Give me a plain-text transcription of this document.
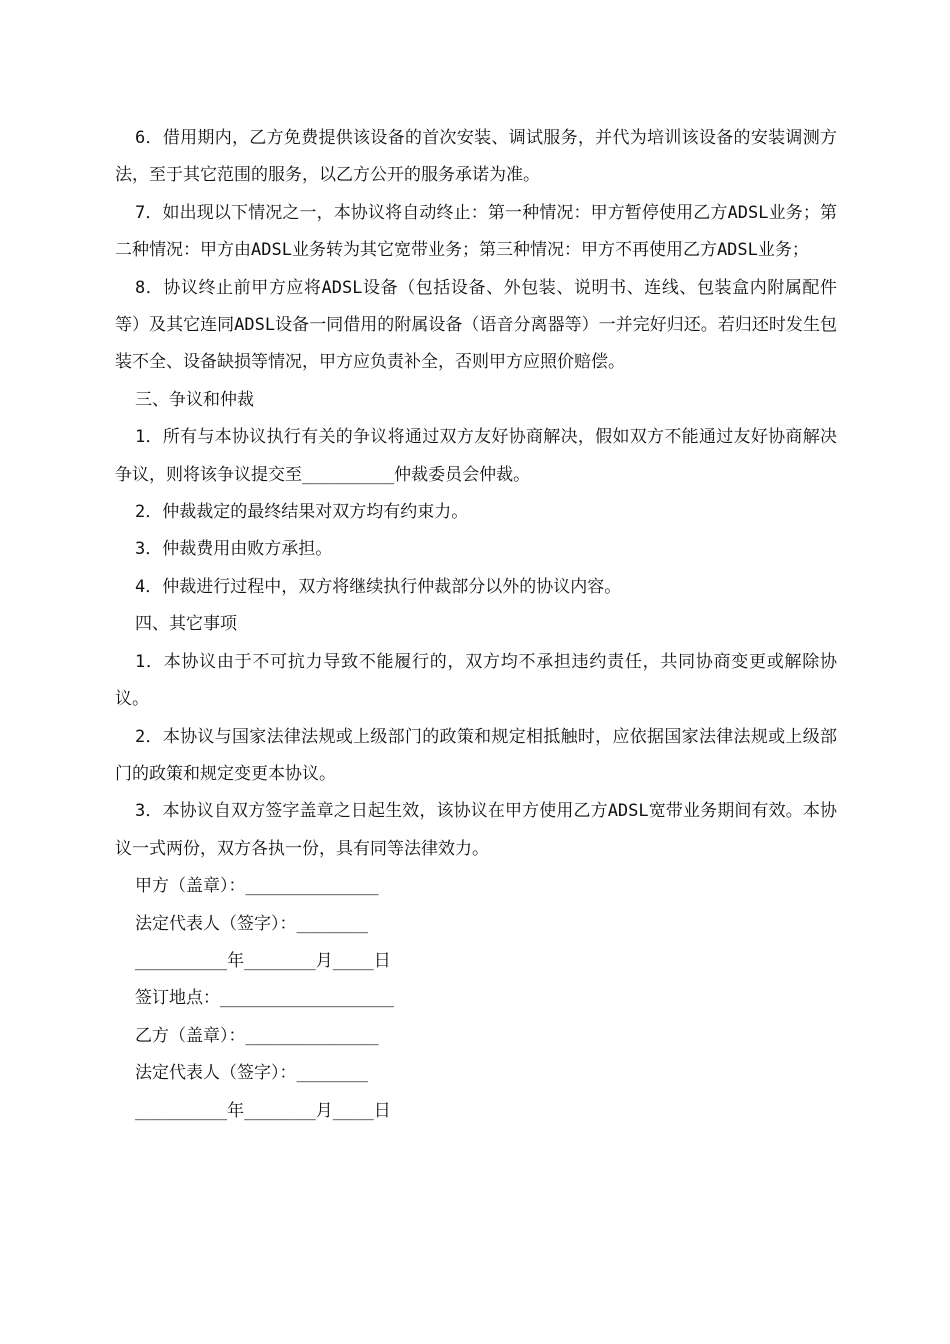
6．借用期内，乙方免费提供该设备的首次安装、调试服务，并代为培训该设备的安装调测方法，至于其它范围的服务，以乙方公开的服务承诺为准。

7．如出现以下情况之一，本协议将自动终止：第一种情况：甲方暂停使用乙方ADSL业务；第二种情况：甲方由ADSL业务转为其它宽带业务；第三种情况：甲方不再使用乙方ADSL业务；

8．协议终止前甲方应将ADSL设备（包括设备、外包装、说明书、连线、包装盒内附属配件等）及其它连同ADSL设备一同借用的附属设备（语音分离器等）一并完好归还。若归还时发生包装不全、设备缺损等情况，甲方应负责补全，否则甲方应照价赔偿。

三、争议和仲裁

1．所有与本协议执行有关的争议将通过双方友好协商解决，假如双方不能通过友好协商解决争议，则将该争议提交至_________仲裁委员会仲裁。

2．仲裁裁定的最终结果对双方均有约束力。

3．仲裁费用由败方承担。

4．仲裁进行过程中，双方将继续执行仲裁部分以外的协议内容。

四、其它事项

1．本协议由于不可抗力导致不能履行的，双方均不承担违约责任，共同协商变更或解除协议。

2．本协议与国家法律法规或上级部门的政策和规定相抵触时，应依据国家法律法规或上级部门的政策和规定变更本协议。

3．本协议自双方签字盖章之日起生效，该协议在甲方使用乙方ADSL宽带业务期间有效。本协议一式两份，双方各执一份，具有同等法律效力。

甲方（盖章）：_____________

法定代表人（签字）：_______

_________年_______月____日

签订地点：_________________

乙方（盖章）：_____________

法定代表人（签字）：_______

_________年_______月____日
